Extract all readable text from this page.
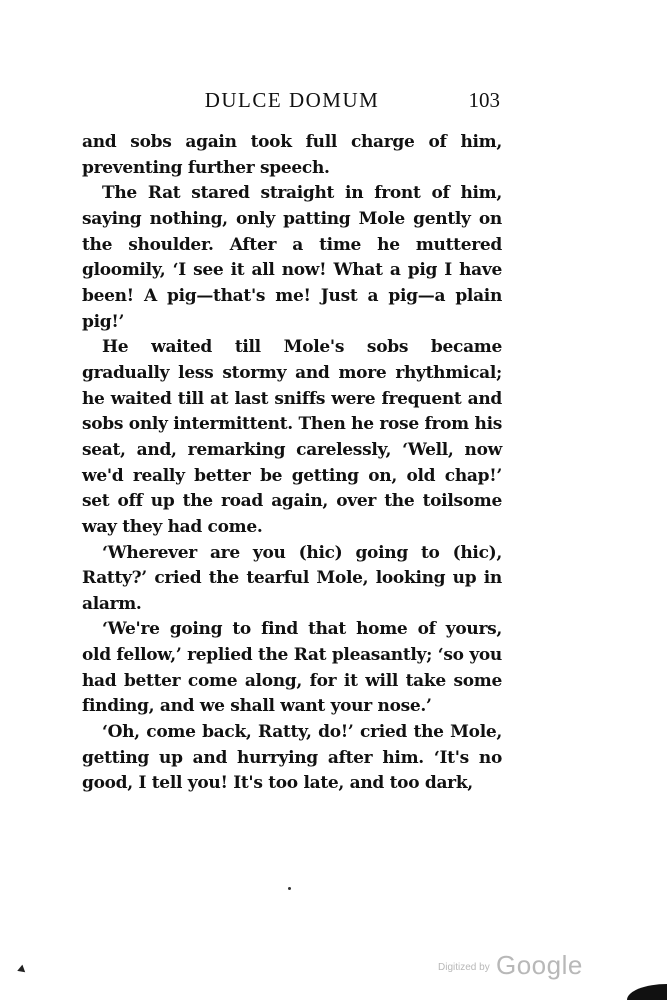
DULCE DOMUM	103

and sobs again took full charge of him, preventing further speech.

The Rat stared straight in front of him, saying nothing, only patting Mole gently on the shoulder. After a time he muttered gloomily, ‘I see it all now! What a pig I have been! A pig—that's me! Just a pig—a plain pig!’

He waited till Mole's sobs became gradually less stormy and more rhythmical; he waited till at last sniffs were frequent and sobs only intermittent. Then he rose from his seat, and, remarking carelessly, ‘Well, now we'd really better be getting on, old chap!’ set off up the road again, over the toilsome way they had come.

‘Wherever are you (hic) going to (hic), Ratty?’ cried the tearful Mole, looking up in alarm.

‘We're going to find that home of yours, old fellow,’ replied the Rat pleasantly; ‘so you had better come along, for it will take some finding, and we shall want your nose.’

‘Oh, come back, Ratty, do!’ cried the Mole, getting up and hurrying after him. ‘It's no good, I tell you! It's too late, and too dark,

Digitized by Google
